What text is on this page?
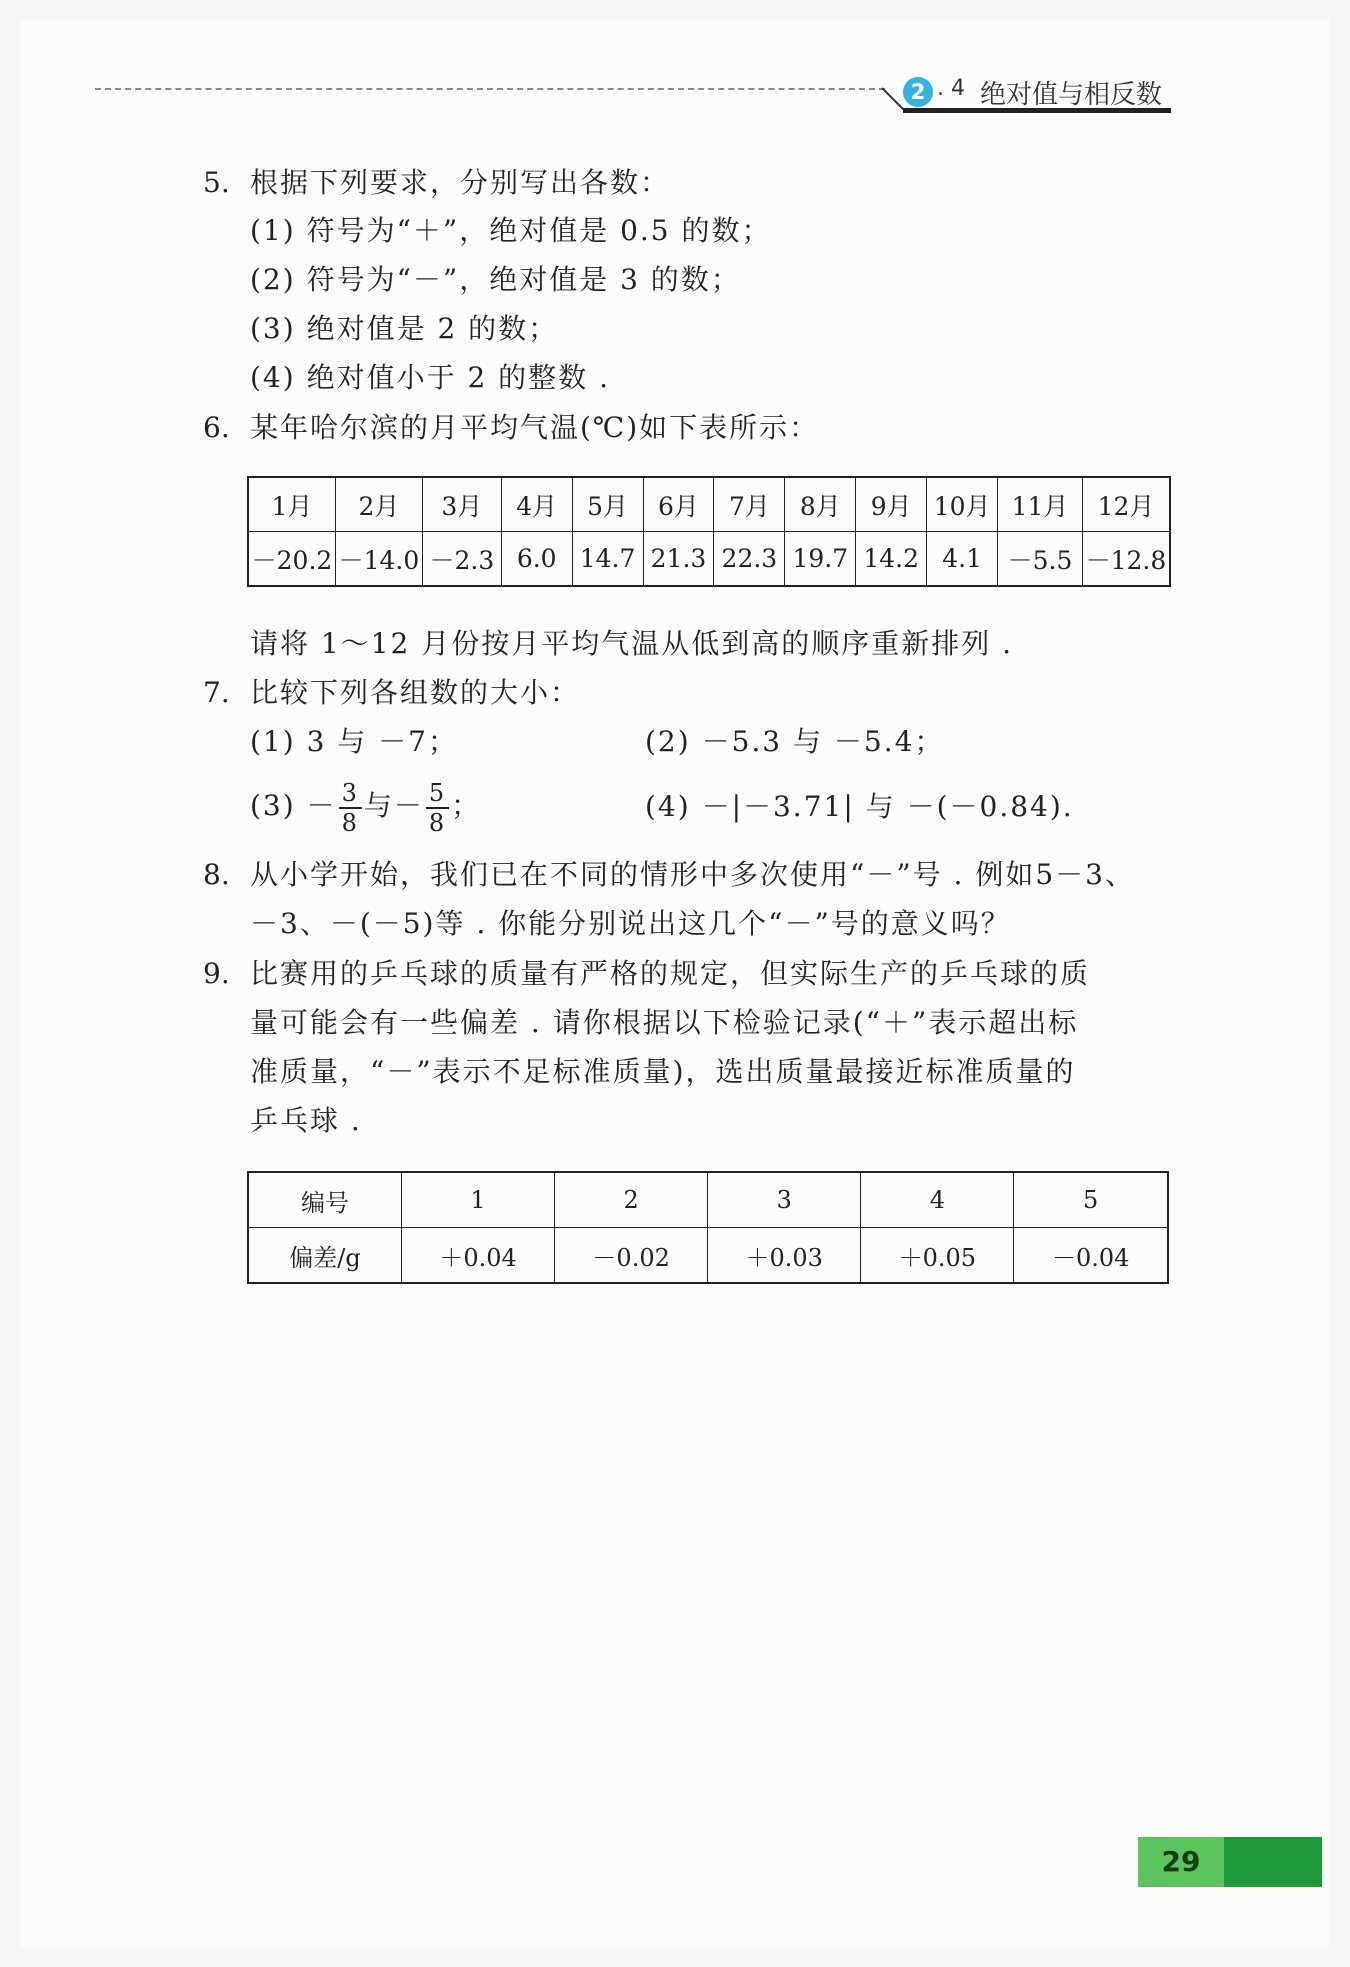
2 . 4 绝对值与相反数
5. 根据下列要求，分别写出各数：
(1) 符号为“＋”，绝对值是 0.5 的数；
(2) 符号为“－”，绝对值是 3 的数；
(3) 绝对值是 2 的数；
(4) 绝对值小于 2 的整数 .
6. 某年哈尔滨的月平均气温(℃)如下表所示：
1月	2月	3月	4月	5月	6月	7月	8月	9月	10月	11月	12月
－20.2	－14.0	－2.3	6.0	14.7	21.3	22.3	19.7	14.2	4.1	－5.5	－12.8
请将 1～12 月份按月平均气温从低到高的顺序重新排列 .
7. 比较下列各组数的大小：
(1) 3 与 －7；	(2) －5.3 与 －5.4；
$(3) - \frac{3}{8}$ 与－ $\frac{5}{8}$ ；	(4) －|－3.71| 与 －(－0.84).
8. 从小学开始，我们已在不同的情形中多次使用“－”号 . 例如5－3、
－3、－(－5)等 . 你能分别说出这几个“－”号的意义吗？
9. 比赛用的乒乓球的质量有严格的规定，但实际生产的乒乓球的质
量可能会有一些偏差 . 请你根据以下检验记录(“＋”表示超出标
准质量，“－”表示不足标准质量)，选出质量最接近标准质量的
乒乓球 .
编号	1	2	3	4	5
偏差/g	＋0.04	－0.02	＋0.03	＋0.05	－0.04
29
